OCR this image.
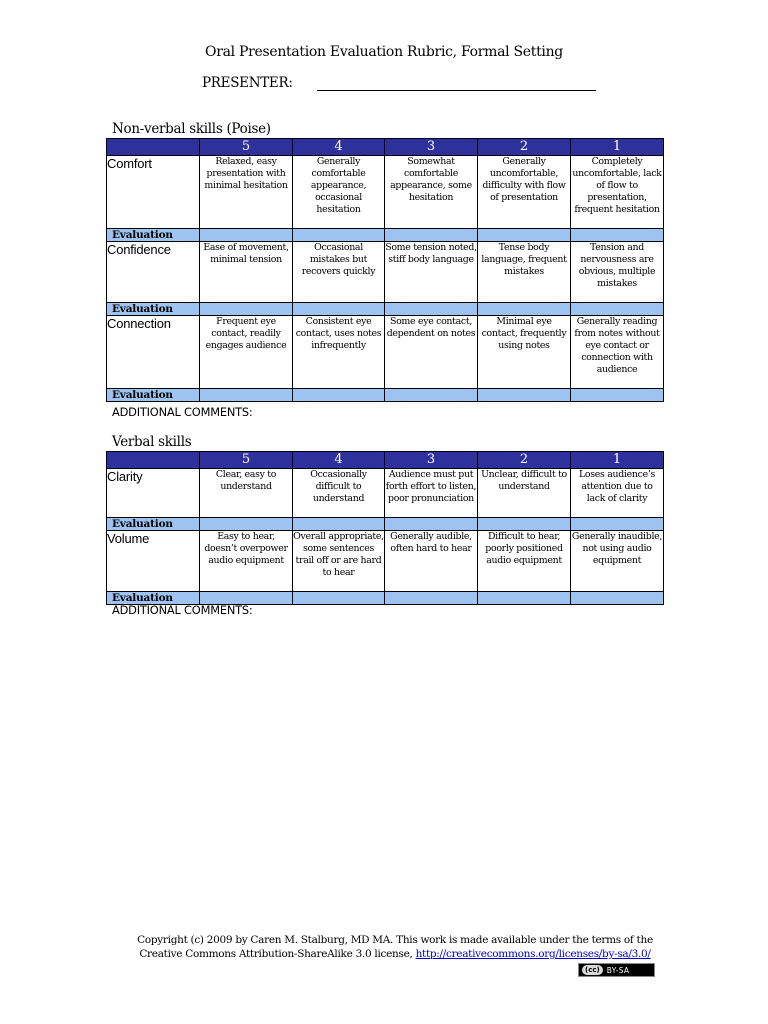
Oral Presentation Evaluation Rubric, Formal Setting
PRESENTER:
Non-verbal skills (Poise)
	5	4	3	2	1
Comfort	Relaxed, easy presentation with minimal hesitation	Generally comfortable appearance, occasional hesitation	Somewhat comfortable appearance, some hesitation	Generally uncomfortable, difficulty with flow of presentation	Completely uncomfortable, lack of flow to presentation, frequent hesitation
Evaluation					
Confidence	Ease of movement, minimal tension	Occasional mistakes but recovers quickly	Some tension noted, stiff body language	Tense body language, frequent mistakes	Tension and nervousness are obvious, multiple mistakes
Evaluation					
Connection	Frequent eye contact, readily engages audience	Consistent eye contact, uses notes infrequently	Some eye contact, dependent on notes	Minimal eye contact, frequently using notes	Generally reading from notes without eye contact or connection with audience
Evaluation					
ADDITIONAL COMMENTS:
Verbal skills
	5	4	3	2	1
Clarity	Clear, easy to understand	Occasionally difficult to understand	Audience must put forth effort to listen, poor pronunciation	Unclear, difficult to understand	Loses audience’s attention due to lack of clarity
Evaluation					
Volume	Easy to hear, doesn’t overpower audio equipment	Overall appropriate, some sentences trail off or are hard to hear	Generally audible, often hard to hear	Difficult to hear, poorly positioned audio equipment	Generally inaudible, not using audio equipment
Evaluation					
ADDITIONAL COMMENTS:
Copyright (c) 2009 by Caren M. Stalburg, MD MA. This work is made available under the terms of the
Creative Commons Attribution-ShareAlike 3.0 license, http://creativecommons.org/licenses/by-sa/3.0/
(cc) BY-SA
